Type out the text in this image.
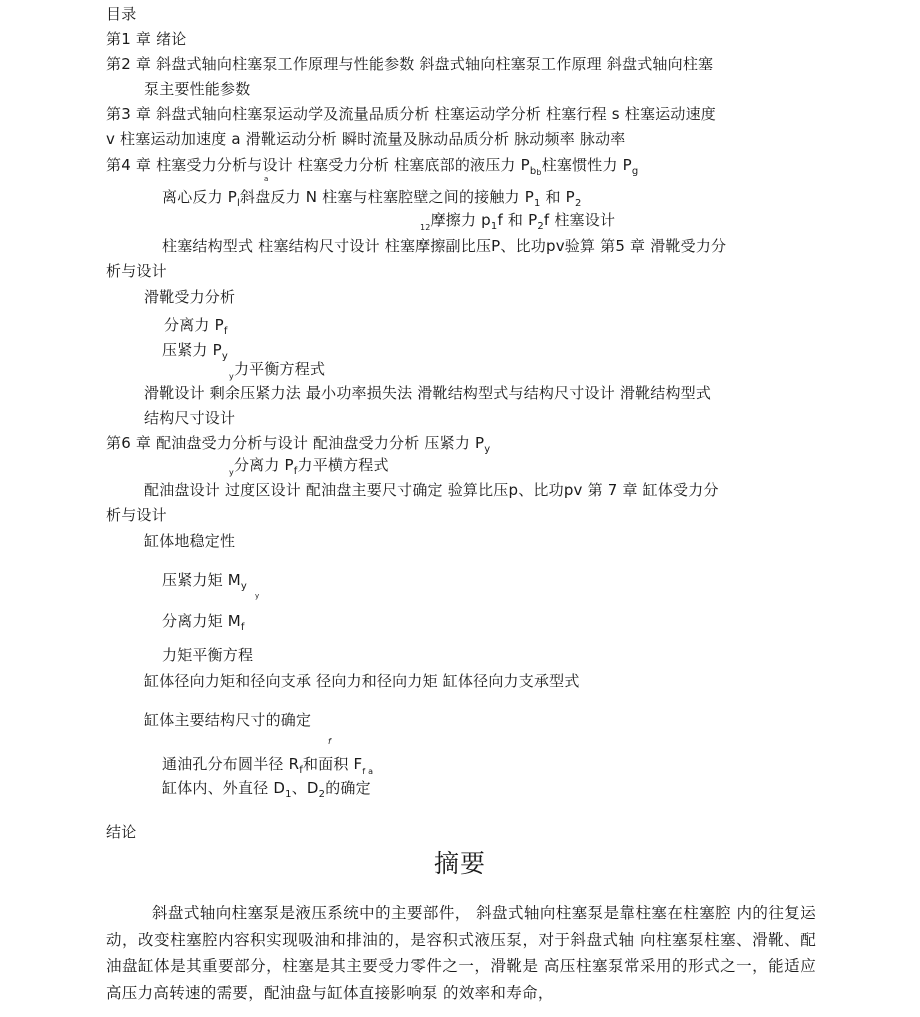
目录
第1 章 绪论
第2 章 斜盘式轴向柱塞泵工作原理与性能参数 斜盘式轴向柱塞泵工作原理 斜盘式轴向柱塞
泵主要性能参数
第3 章 斜盘式轴向柱塞泵运动学及流量品质分析 柱塞运动学分析 柱塞行程 s 柱塞运动速度
v 柱塞运动加速度 a 滑靴运动分析 瞬时流量及脉动品质分析 脉动频率 脉动率
第4 章 柱塞受力分析与设计 柱塞受力分析 柱塞底部的液压力 $P_{bb}$柱塞惯性力 $P_g$
a
离心反力 $P_l$斜盘反力 N 柱塞与柱塞腔壁之间的接触力 $P_1$ 和 $P_2$
$_{12}$摩擦力 $p_1f$ 和 $P_2f$ 柱塞设计
柱塞结构型式 柱塞结构尺寸设计 柱塞摩擦副比压P、比功pv验算 第5 章 滑靴受力分
析与设计
滑靴受力分析
分离力 $P_f$
压紧力 $P_y$
$_y$力平衡方程式
滑靴设计 剩余压紧力法 最小功率损失法 滑靴结构型式与结构尺寸设计 滑靴结构型式
结构尺寸设计
第6 章 配油盘受力分析与设计 配油盘受力分析 压紧力 $P_y$
$_y$分离力 $P_f$力平横方程式
配油盘设计 过度区设计 配油盘主要尺寸确定 验算比压p、比功pv 第 7 章 缸体受力分
析与设计
缸体地稳定性
压紧力矩 $M_y$
y
分离力矩 $M_f$
力矩平衡方程
缸体径向力矩和径向支承 径向力和径向力矩 缸体径向力支承型式
缸体主要结构尺寸的确定
f
通油孔分布圆半径 $R_f$和面积 $F_{f a}$
缸体内、外直径 $D_1$、$D_2$的确定
结论
摘要
斜盘式轴向柱塞泵是液压系统中的主要部件， 斜盘式轴向柱塞泵是靠柱塞在柱塞腔 内的往复运动，改变柱塞腔内容积实现吸油和排油的，是容积式液压泵，对于斜盘式轴 向柱塞泵柱塞、滑靴、配油盘缸体是其重要部分，柱塞是其主要受力零件之一，滑靴是 高压柱塞泵常采用的形式之一，能适应高压力高转速的需要，配油盘与缸体直接影响泵 的效率和寿命，
